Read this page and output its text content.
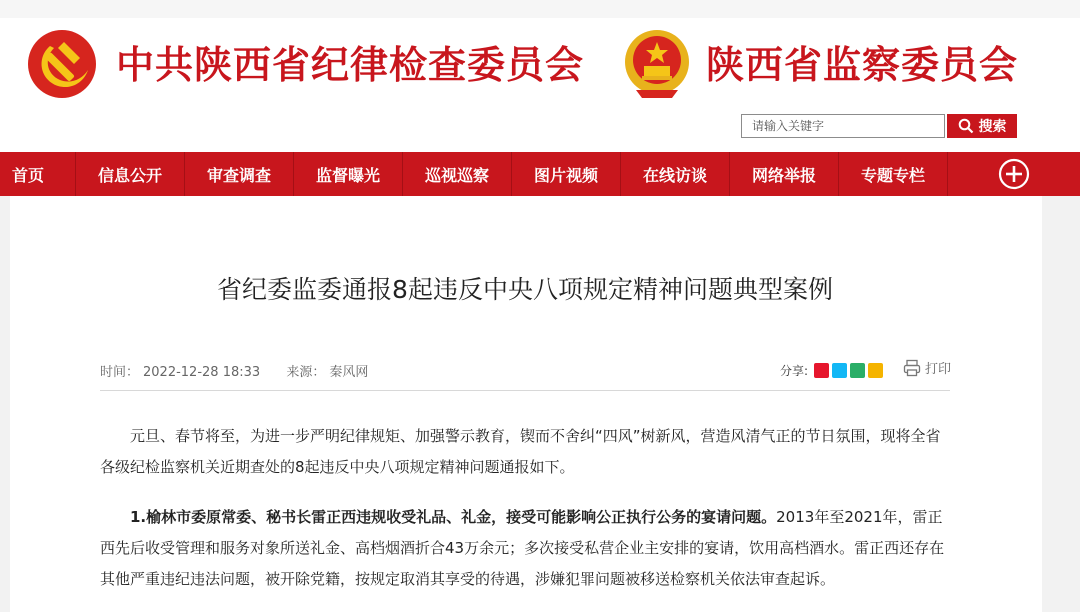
中共陕西省纪律检查委员会	陕西省监察委员会
请输入关键字
搜索
首页	信息公开	审查调查	监督曝光	巡视巡察	图片视频	在线访谈	网络举报	专题专栏
省纪委监委通报8起违反中央八项规定精神问题典型案例
时间： 2022-12-28 18:33 来源： 秦风网	分享:	打印

元旦、春节将至，为进一步严明纪律规矩、加强警示教育，锲而不舍纠“四风”树新风，营造风清气正的节日氛围，现将全省各级纪检监察机关近期查处的8起违反中央八项规定精神问题通报如下。

1.榆林市委原常委、秘书长雷正西违规收受礼品、礼金，接受可能影响公正执行公务的宴请问题。2013年至2021年，雷正西先后收受管理和服务对象所送礼金、高档烟酒折合43万余元；多次接受私营企业主安排的宴请，饮用高档酒水。雷正西还存在其他严重违纪违法问题，被开除党籍，按规定取消其享受的待遇，涉嫌犯罪问题被移送检察机关依法审查起诉。
